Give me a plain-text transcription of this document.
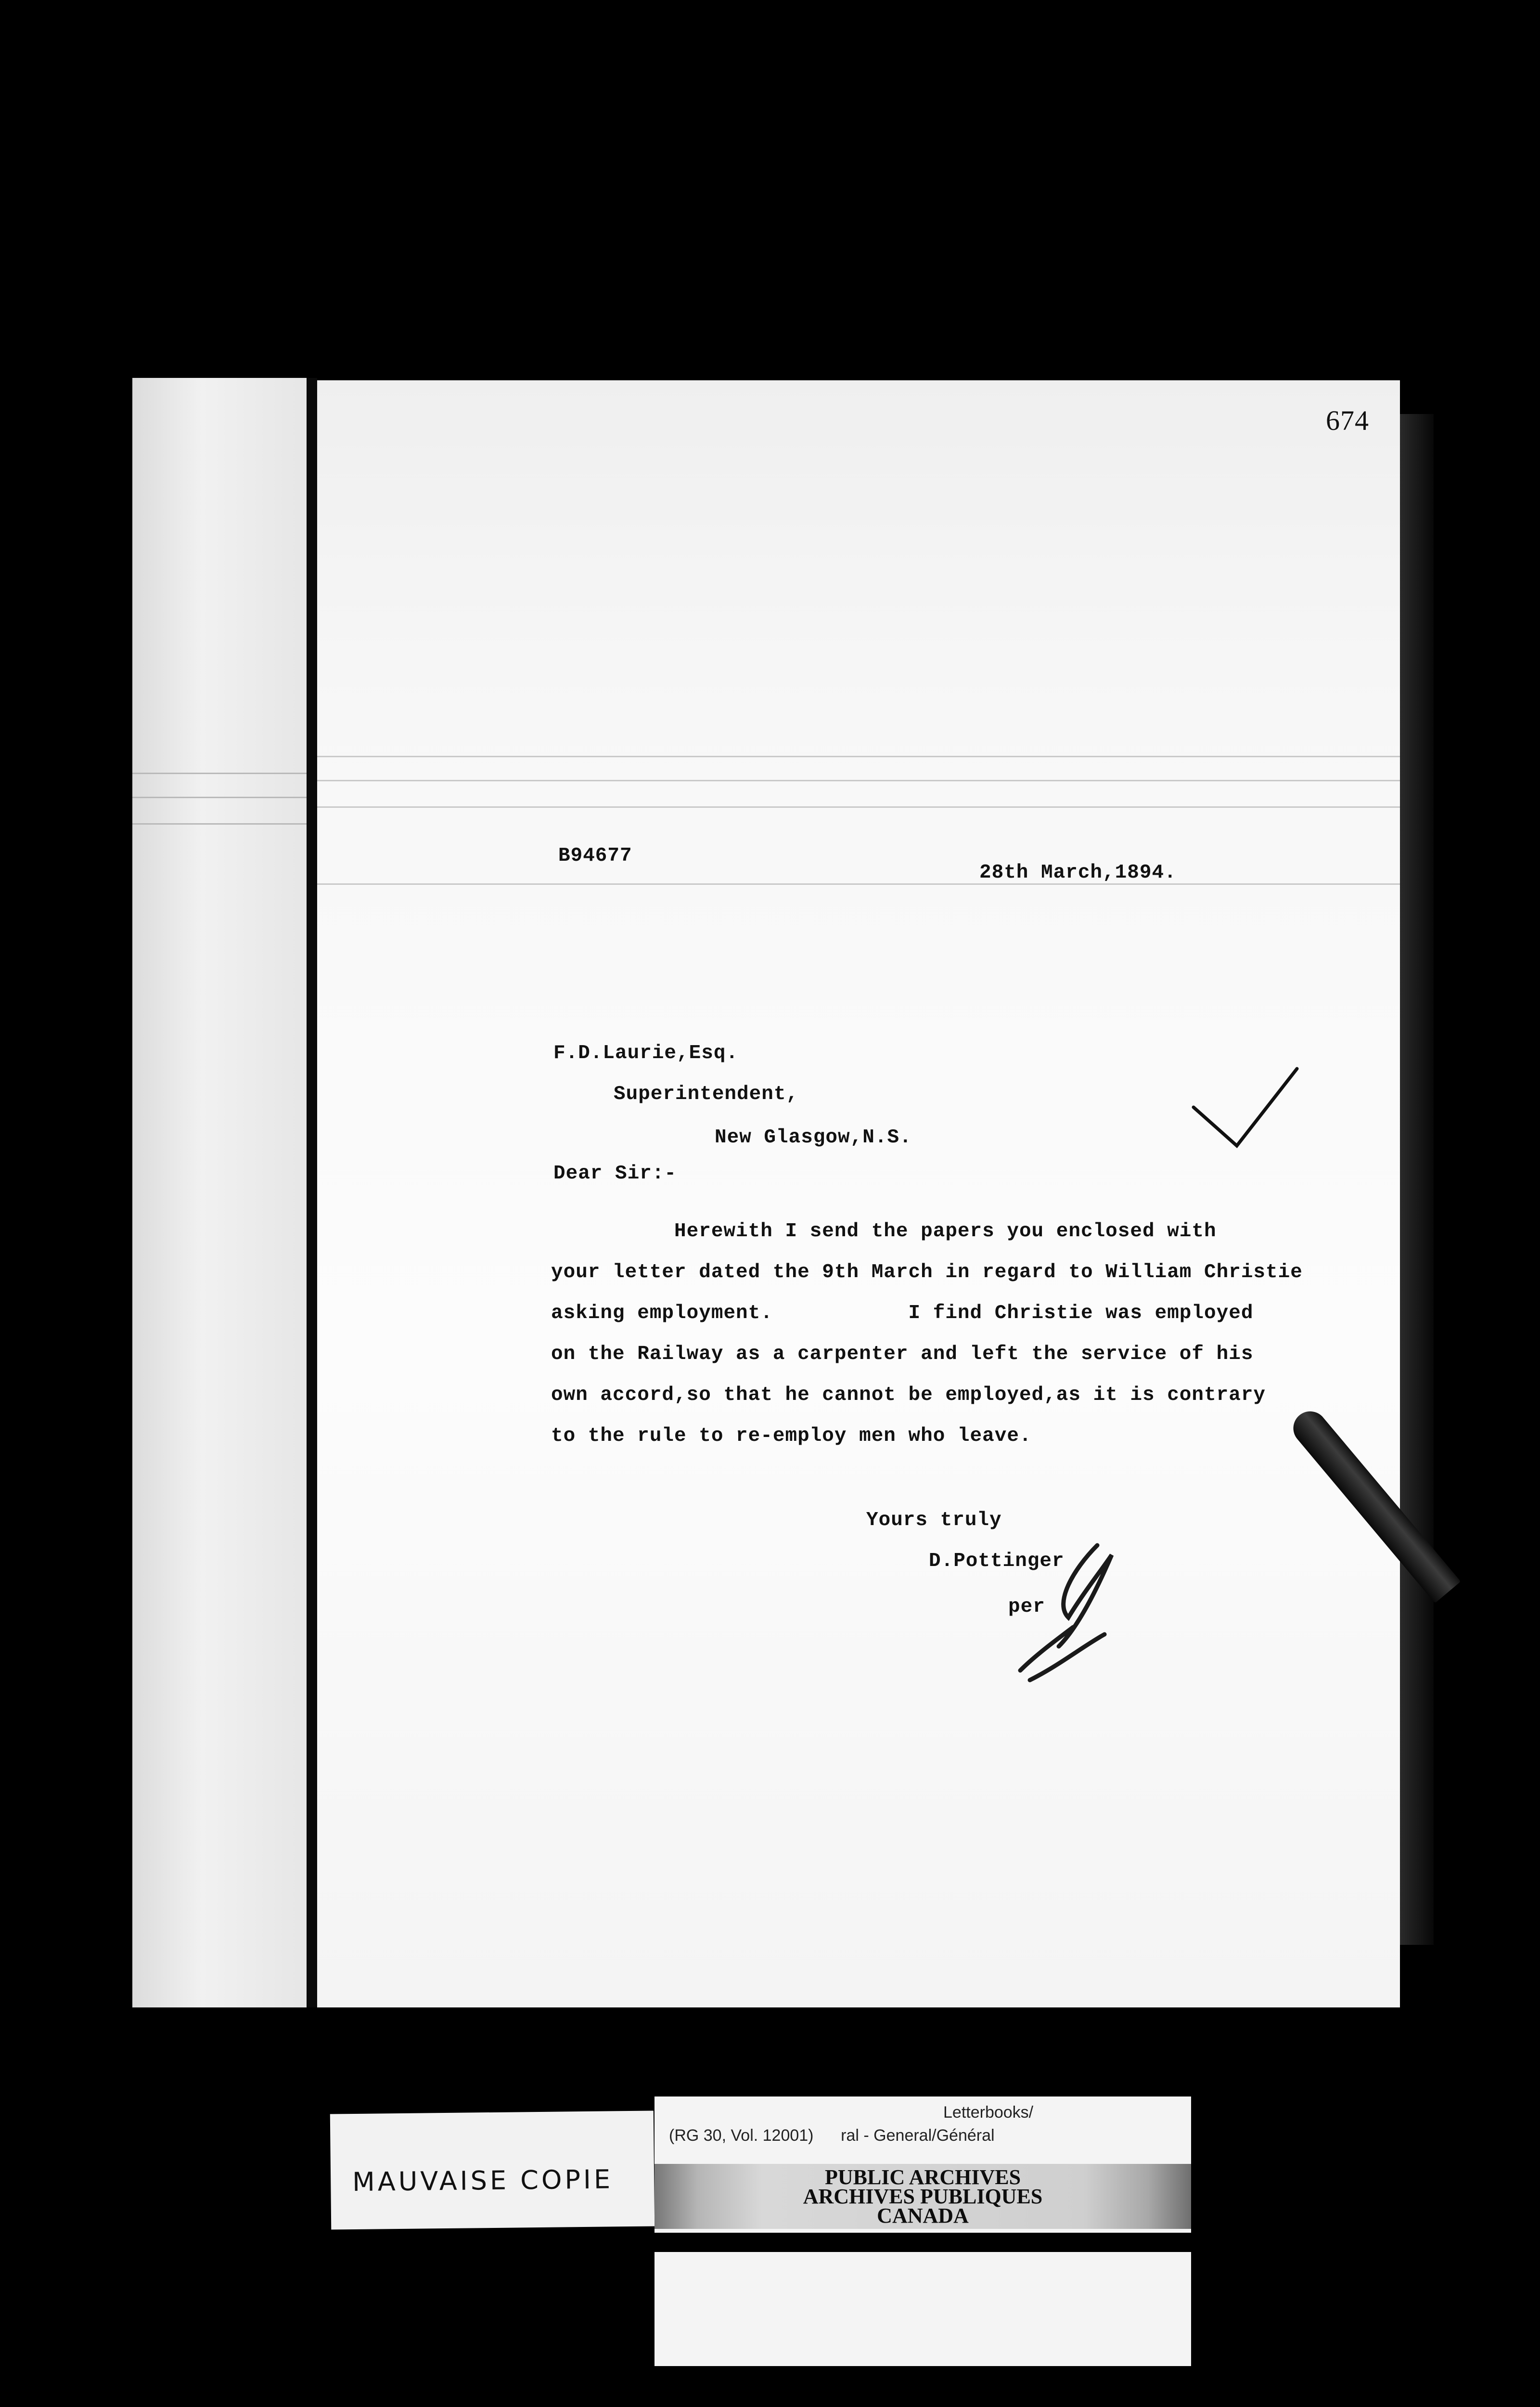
674
B94677
28th March,1894.
F.D.Laurie,Esq.
Superintendent,
New Glasgow,N.S.
Dear Sir:-
Herewith I send the papers you enclosed with
your letter dated the 9th March in regard to William Christie
asking employment.           I find Christie was employed
on the Railway as a carpenter and left the service of his
own accord,so that he cannot be employed,as it is contrary
to the rule to re-employ men who leave.
Yours truly
D.Pottinger
per
MAUVAISE COPIE
Letterbooks/
(RG 30, Vol. 12001)      ral - General/Général
PUBLIC ARCHIVES
ARCHIVES PUBLIQUES
CANADA
